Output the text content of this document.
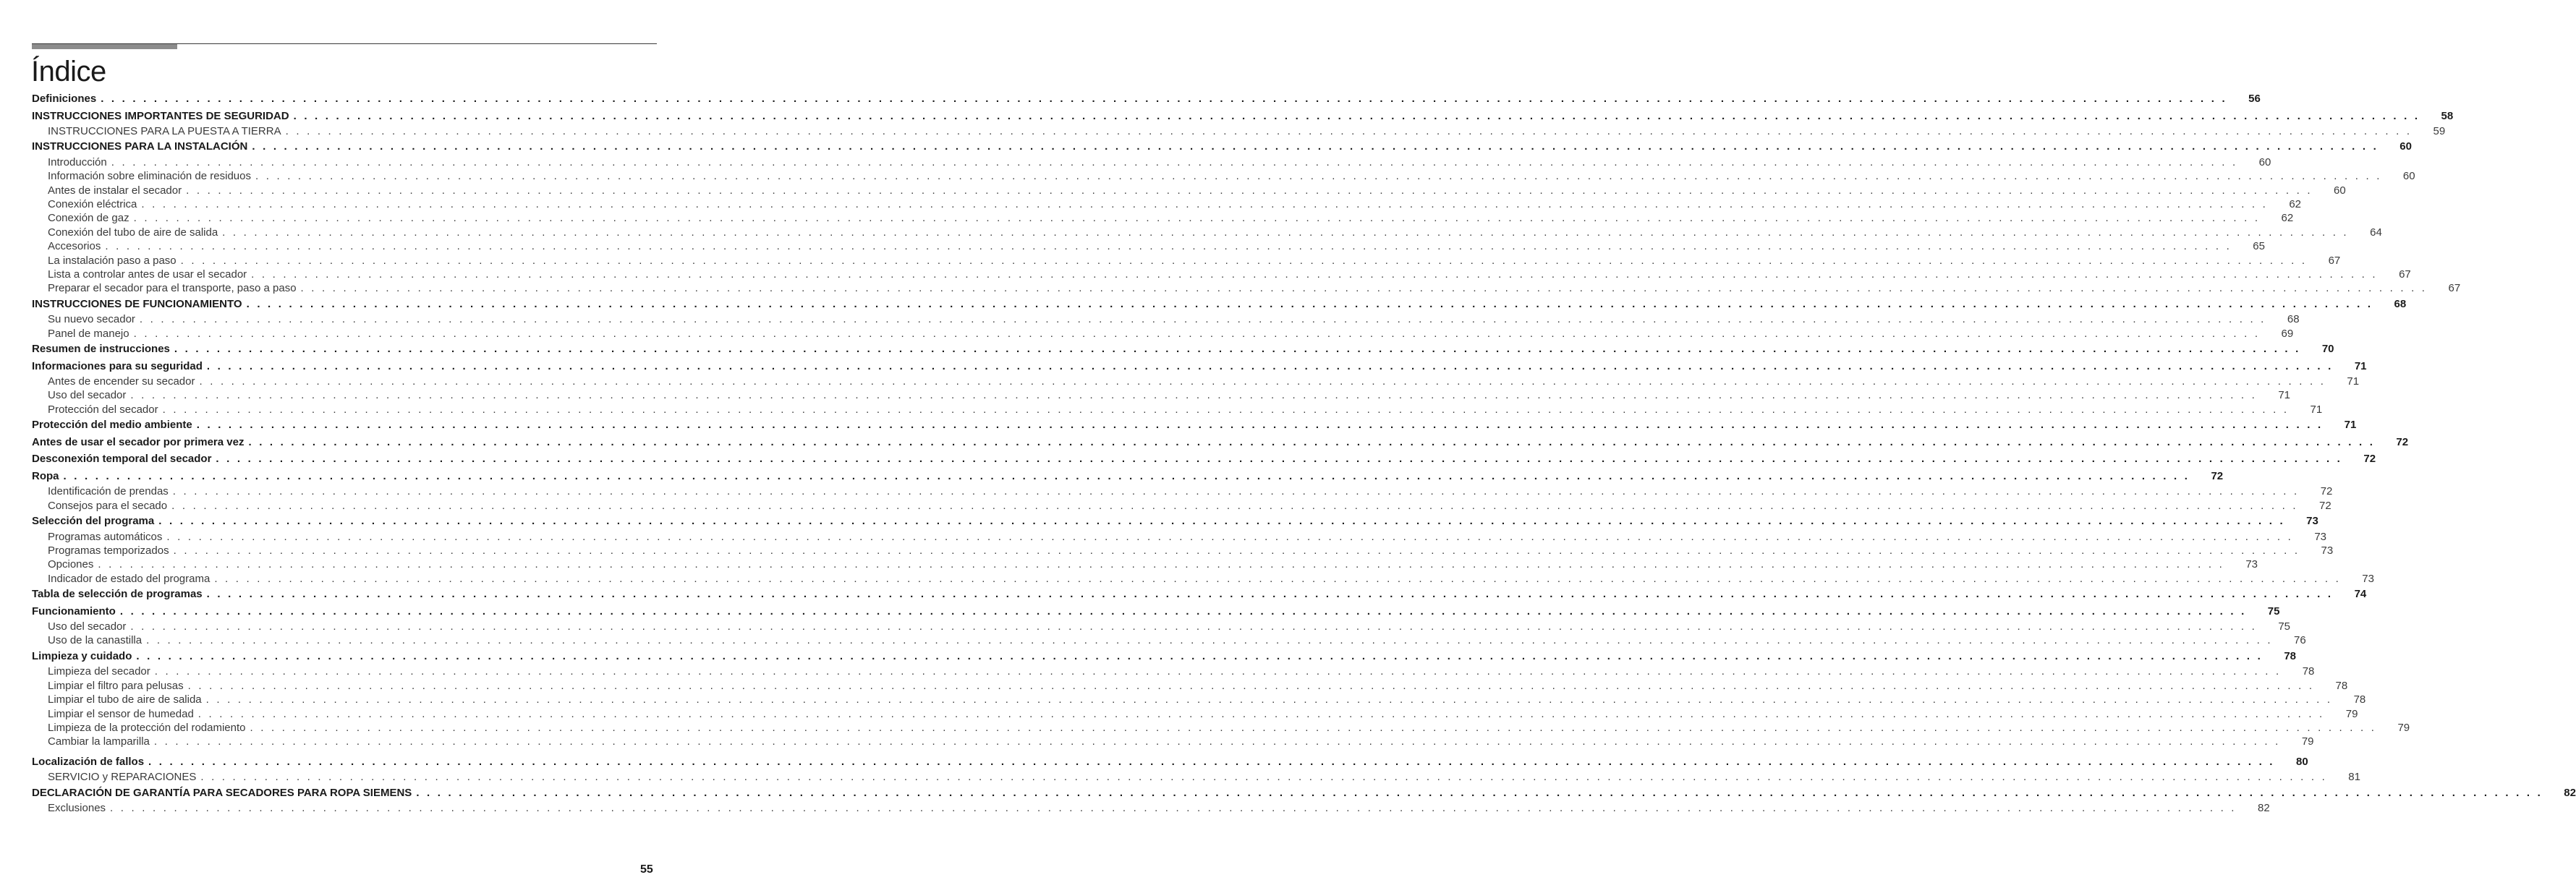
Índice
Definiciones . . . . . . . . . . . . . . . . . . . . . . . . . . . . . . . . . . . . . . . . . . . . . . . . . . . . . . . . . . . . . . . . . . . . . . . . . . . . . . . . . . . . . . . . . . . . . . . . . . . . . . . . . . . . . . . . . . . . . . . . . . . . . . . . . . . . . . . . . . . . . . . . . . . . . . . . . . . . . . . . . . . . . . . . . . . . . . . . . . . . . . . . . . . . . . . . . . . . . . . . 56
INSTRUCCIONES IMPORTANTES DE SEGURIDAD . . . . . . . . . . . . . . . . . . . . . . . . . . . . . . . . . . . . . . . . . . . . . . . . . . . . . . . . . . . . . . . . . . . . . . . . . . . . . . . . . . . . . . . . . . . . . . . . . . . . . . . . . . . . . . . . . . . . . . . . . . . . . . . . . . . . . . . . . . . . . . . . . . . . . . . . . . . . . . . . . . . . . . . . . . . . . . . . . . . . . . . . . . . . . . . . . . . . . . . . 58
INSTRUCCIONES PARA LA PUESTA A TIERRA . . . . . . . . . . . . . . . . . . . . . . . . . . . . . . . . . . . . . . . . . . . . . . . . . . . . . . . . . . . . . . . . . . . . . . . . . . . . . . . . . . . . . . . . . . . . . . . . . . . . . . . . . . . . . . . . . . . . . . . . . . . . . . . . . . . . . . . . . . . . . . . . . . . . . . . . . . . . . . . . . . . . . . . . . . . . . . . . . . . . . . . . . . . . . . . . . . . . . . . . 59
INSTRUCCIONES PARA LA INSTALACIÓN . . . . . . . . . . . . . . . . . . . . . . . . . . . . . . . . . . . . . . . . . . . . . . . . . . . . . . . . . . . . . . . . . . . . . . . . . . . . . . . . . . . . . . . . . . . . . . . . . . . . . . . . . . . . . . . . . . . . . . . . . . . . . . . . . . . . . . . . . . . . . . . . . . . . . . . . . . . . . . . . . . . . . . . . . . . . . . . . . . . . . . . . . . . . . . . . . . . . . . . . 60
Introducción . . . . . . . . . . . . . . . . . . . . . . . . . . . . . . . . . . . . . . . . . . . . . . . . . . . . . . . . . . . . . . . . . . . . . . . . . . . . . . . . . . . . . . . . . . . . . . . . . . . . . . . . . . . . . . . . . . . . . . . . . . . . . . . . . . . . . . . . . . . . . . . . . . . . . . . . . . . . . . . . . . . . . . . . . . . . . . . . . . . . . . . . . . . . . . . . . . . . . . . . 60
Información sobre eliminación de residuos . . . . . . . . . . . . . . . . . . . . . . . . . . . . . . . . . . . . . . . . . . . . . . . . . . . . . . . . . . . . . . . . . . . . . . . . . . . . . . . . . . . . . . . . . . . . . . . . . . . . . . . . . . . . . . . . . . . . . . . . . . . . . . . . . . . . . . . . . . . . . . . . . . . . . . . . . . . . . . . . . . . . . . . . . . . . . . . . . . . . . . . . . . . . . . . . . . . . . . . . 60
Antes de instalar el secador . . . . . . . . . . . . . . . . . . . . . . . . . . . . . . . . . . . . . . . . . . . . . . . . . . . . . . . . . . . . . . . . . . . . . . . . . . . . . . . . . . . . . . . . . . . . . . . . . . . . . . . . . . . . . . . . . . . . . . . . . . . . . . . . . . . . . . . . . . . . . . . . . . . . . . . . . . . . . . . . . . . . . . . . . . . . . . . . . . . . . . . . . . . . . . . . . . . . . . . . 60
Conexión eléctrica . . . . . . . . . . . . . . . . . . . . . . . . . . . . . . . . . . . . . . . . . . . . . . . . . . . . . . . . . . . . . . . . . . . . . . . . . . . . . . . . . . . . . . . . . . . . . . . . . . . . . . . . . . . . . . . . . . . . . . . . . . . . . . . . . . . . . . . . . . . . . . . . . . . . . . . . . . . . . . . . . . . . . . . . . . . . . . . . . . . . . . . . . . . . . . . . . . . . . . . . 62
Conexión de gaz . . . . . . . . . . . . . . . . . . . . . . . . . . . . . . . . . . . . . . . . . . . . . . . . . . . . . . . . . . . . . . . . . . . . . . . . . . . . . . . . . . . . . . . . . . . . . . . . . . . . . . . . . . . . . . . . . . . . . . . . . . . . . . . . . . . . . . . . . . . . . . . . . . . . . . . . . . . . . . . . . . . . . . . . . . . . . . . . . . . . . . . . . . . . . . . . . . . . . . . . 62
Conexión del tubo de aire de salida . . . . . . . . . . . . . . . . . . . . . . . . . . . . . . . . . . . . . . . . . . . . . . . . . . . . . . . . . . . . . . . . . . . . . . . . . . . . . . . . . . . . . . . . . . . . . . . . . . . . . . . . . . . . . . . . . . . . . . . . . . . . . . . . . . . . . . . . . . . . . . . . . . . . . . . . . . . . . . . . . . . . . . . . . . . . . . . . . . . . . . . . . . . . . . . . . . . . . . . . 64
Accesorios . . . . . . . . . . . . . . . . . . . . . . . . . . . . . . . . . . . . . . . . . . . . . . . . . . . . . . . . . . . . . . . . . . . . . . . . . . . . . . . . . . . . . . . . . . . . . . . . . . . . . . . . . . . . . . . . . . . . . . . . . . . . . . . . . . . . . . . . . . . . . . . . . . . . . . . . . . . . . . . . . . . . . . . . . . . . . . . . . . . . . . . . . . . . . . . . . . . . . . . . 65
La instalación paso a paso . . . . . . . . . . . . . . . . . . . . . . . . . . . . . . . . . . . . . . . . . . . . . . . . . . . . . . . . . . . . . . . . . . . . . . . . . . . . . . . . . . . . . . . . . . . . . . . . . . . . . . . . . . . . . . . . . . . . . . . . . . . . . . . . . . . . . . . . . . . . . . . . . . . . . . . . . . . . . . . . . . . . . . . . . . . . . . . . . . . . . . . . . . . . . . . . . . . . . . . . 67
Lista a controlar antes de usar el secador . . . . . . . . . . . . . . . . . . . . . . . . . . . . . . . . . . . . . . . . . . . . . . . . . . . . . . . . . . . . . . . . . . . . . . . . . . . . . . . . . . . . . . . . . . . . . . . . . . . . . . . . . . . . . . . . . . . . . . . . . . . . . . . . . . . . . . . . . . . . . . . . . . . . . . . . . . . . . . . . . . . . . . . . . . . . . . . . . . . . . . . . . . . . . . . . . . . . . . . . 67
Preparar el secador para el transporte, paso a paso . . . . . . . . . . . . . . . . . . . . . . . . . . . . . . . . . . . . . . . . . . . . . . . . . . . . . . . . . . . . . . . . . . . . . . . . . . . . . . . . . . . . . . . . . . . . . . . . . . . . . . . . . . . . . . . . . . . . . . . . . . . . . . . . . . . . . . . . . . . . . . . . . . . . . . . . . . . . . . . . . . . . . . . . . . . . . . . . . . . . . . . . . . . . . . . . . . . . . . . . 67
INSTRUCCIONES DE FUNCIONAMIENTO . . . . . . . . . . . . . . . . . . . . . . . . . . . . . . . . . . . . . . . . . . . . . . . . . . . . . . . . . . . . . . . . . . . . . . . . . . . . . . . . . . . . . . . . . . . . . . . . . . . . . . . . . . . . . . . . . . . . . . . . . . . . . . . . . . . . . . . . . . . . . . . . . . . . . . . . . . . . . . . . . . . . . . . . . . . . . . . . . . . . . . . . . . . . . . . . . . . . . . . . 68
Su nuevo secador . . . . . . . . . . . . . . . . . . . . . . . . . . . . . . . . . . . . . . . . . . . . . . . . . . . . . . . . . . . . . . . . . . . . . . . . . . . . . . . . . . . . . . . . . . . . . . . . . . . . . . . . . . . . . . . . . . . . . . . . . . . . . . . . . . . . . . . . . . . . . . . . . . . . . . . . . . . . . . . . . . . . . . . . . . . . . . . . . . . . . . . . . . . . . . . . . . . . . . . . 68
Panel de manejo . . . . . . . . . . . . . . . . . . . . . . . . . . . . . . . . . . . . . . . . . . . . . . . . . . . . . . . . . . . . . . . . . . . . . . . . . . . . . . . . . . . . . . . . . . . . . . . . . . . . . . . . . . . . . . . . . . . . . . . . . . . . . . . . . . . . . . . . . . . . . . . . . . . . . . . . . . . . . . . . . . . . . . . . . . . . . . . . . . . . . . . . . . . . . . . . . . . . . . . . 69
Resumen de instrucciones . . . . . . . . . . . . . . . . . . . . . . . . . . . . . . . . . . . . . . . . . . . . . . . . . . . . . . . . . . . . . . . . . . . . . . . . . . . . . . . . . . . . . . . . . . . . . . . . . . . . . . . . . . . . . . . . . . . . . . . . . . . . . . . . . . . . . . . . . . . . . . . . . . . . . . . . . . . . . . . . . . . . . . . . . . . . . . . . . . . . . . . . . . . . . . . . . . . . . . . . 70
Informaciones para su seguridad . . . . . . . . . . . . . . . . . . . . . . . . . . . . . . . . . . . . . . . . . . . . . . . . . . . . . . . . . . . . . . . . . . . . . . . . . . . . . . . . . . . . . . . . . . . . . . . . . . . . . . . . . . . . . . . . . . . . . . . . . . . . . . . . . . . . . . . . . . . . . . . . . . . . . . . . . . . . . . . . . . . . . . . . . . . . . . . . . . . . . . . . . . . . . . . . . . . . . . . . 71
Antes de encender su secador . . . . . . . . . . . . . . . . . . . . . . . . . . . . . . . . . . . . . . . . . . . . . . . . . . . . . . . . . . . . . . . . . . . . . . . . . . . . . . . . . . . . . . . . . . . . . . . . . . . . . . . . . . . . . . . . . . . . . . . . . . . . . . . . . . . . . . . . . . . . . . . . . . . . . . . . . . . . . . . . . . . . . . . . . . . . . . . . . . . . . . . . . . . . . . . . . . . . . . . . 71
Uso del secador . . . . . . . . . . . . . . . . . . . . . . . . . . . . . . . . . . . . . . . . . . . . . . . . . . . . . . . . . . . . . . . . . . . . . . . . . . . . . . . . . . . . . . . . . . . . . . . . . . . . . . . . . . . . . . . . . . . . . . . . . . . . . . . . . . . . . . . . . . . . . . . . . . . . . . . . . . . . . . . . . . . . . . . . . . . . . . . . . . . . . . . . . . . . . . . . . . . . . . . . 71
Protección del secador . . . . . . . . . . . . . . . . . . . . . . . . . . . . . . . . . . . . . . . . . . . . . . . . . . . . . . . . . . . . . . . . . . . . . . . . . . . . . . . . . . . . . . . . . . . . . . . . . . . . . . . . . . . . . . . . . . . . . . . . . . . . . . . . . . . . . . . . . . . . . . . . . . . . . . . . . . . . . . . . . . . . . . . . . . . . . . . . . . . . . . . . . . . . . . . . . . . . . . . . 71
Protección del medio ambiente . . . . . . . . . . . . . . . . . . . . . . . . . . . . . . . . . . . . . . . . . . . . . . . . . . . . . . . . . . . . . . . . . . . . . . . . . . . . . . . . . . . . . . . . . . . . . . . . . . . . . . . . . . . . . . . . . . . . . . . . . . . . . . . . . . . . . . . . . . . . . . . . . . . . . . . . . . . . . . . . . . . . . . . . . . . . . . . . . . . . . . . . . . . . . . . . . . . . . . . . 71
Antes de usar el secador por primera vez . . . . . . . . . . . . . . . . . . . . . . . . . . . . . . . . . . . . . . . . . . . . . . . . . . . . . . . . . . . . . . . . . . . . . . . . . . . . . . . . . . . . . . . . . . . . . . . . . . . . . . . . . . . . . . . . . . . . . . . . . . . . . . . . . . . . . . . . . . . . . . . . . . . . . . . . . . . . . . . . . . . . . . . . . . . . . . . . . . . . . . . . . . . . . . . . . . . . . . . . 72
Desconexión temporal del secador . . . . . . . . . . . . . . . . . . . . . . . . . . . . . . . . . . . . . . . . . . . . . . . . . . . . . . . . . . . . . . . . . . . . . . . . . . . . . . . . . . . . . . . . . . . . . . . . . . . . . . . . . . . . . . . . . . . . . . . . . . . . . . . . . . . . . . . . . . . . . . . . . . . . . . . . . . . . . . . . . . . . . . . . . . . . . . . . . . . . . . . . . . . . . . . . . . . . . . . . 72
Ropa . . . . . . . . . . . . . . . . . . . . . . . . . . . . . . . . . . . . . . . . . . . . . . . . . . . . . . . . . . . . . . . . . . . . . . . . . . . . . . . . . . . . . . . . . . . . . . . . . . . . . . . . . . . . . . . . . . . . . . . . . . . . . . . . . . . . . . . . . . . . . . . . . . . . . . . . . . . . . . . . . . . . . . . . . . . . . . . . . . . . . . . . . . . . . . . . . . . . . . . . 72
Identificación de prendas . . . . . . . . . . . . . . . . . . . . . . . . . . . . . . . . . . . . . . . . . . . . . . . . . . . . . . . . . . . . . . . . . . . . . . . . . . . . . . . . . . . . . . . . . . . . . . . . . . . . . . . . . . . . . . . . . . . . . . . . . . . . . . . . . . . . . . . . . . . . . . . . . . . . . . . . . . . . . . . . . . . . . . . . . . . . . . . . . . . . . . . . . . . . . . . . . . . . . . . . 72
Consejos para el secado . . . . . . . . . . . . . . . . . . . . . . . . . . . . . . . . . . . . . . . . . . . . . . . . . . . . . . . . . . . . . . . . . . . . . . . . . . . . . . . . . . . . . . . . . . . . . . . . . . . . . . . . . . . . . . . . . . . . . . . . . . . . . . . . . . . . . . . . . . . . . . . . . . . . . . . . . . . . . . . . . . . . . . . . . . . . . . . . . . . . . . . . . . . . . . . . . . . . . . . . 72
Selección del programa . . . . . . . . . . . . . . . . . . . . . . . . . . . . . . . . . . . . . . . . . . . . . . . . . . . . . . . . . . . . . . . . . . . . . . . . . . . . . . . . . . . . . . . . . . . . . . . . . . . . . . . . . . . . . . . . . . . . . . . . . . . . . . . . . . . . . . . . . . . . . . . . . . . . . . . . . . . . . . . . . . . . . . . . . . . . . . . . . . . . . . . . . . . . . . . . . . . . . . . . 73
Programas automáticos . . . . . . . . . . . . . . . . . . . . . . . . . . . . . . . . . . . . . . . . . . . . . . . . . . . . . . . . . . . . . . . . . . . . . . . . . . . . . . . . . . . . . . . . . . . . . . . . . . . . . . . . . . . . . . . . . . . . . . . . . . . . . . . . . . . . . . . . . . . . . . . . . . . . . . . . . . . . . . . . . . . . . . . . . . . . . . . . . . . . . . . . . . . . . . . . . . . . . . . . 73
Programas temporizados . . . . . . . . . . . . . . . . . . . . . . . . . . . . . . . . . . . . . . . . . . . . . . . . . . . . . . . . . . . . . . . . . . . . . . . . . . . . . . . . . . . . . . . . . . . . . . . . . . . . . . . . . . . . . . . . . . . . . . . . . . . . . . . . . . . . . . . . . . . . . . . . . . . . . . . . . . . . . . . . . . . . . . . . . . . . . . . . . . . . . . . . . . . . . . . . . . . . . . . . 73
Opciones . . . . . . . . . . . . . . . . . . . . . . . . . . . . . . . . . . . . . . . . . . . . . . . . . . . . . . . . . . . . . . . . . . . . . . . . . . . . . . . . . . . . . . . . . . . . . . . . . . . . . . . . . . . . . . . . . . . . . . . . . . . . . . . . . . . . . . . . . . . . . . . . . . . . . . . . . . . . . . . . . . . . . . . . . . . . . . . . . . . . . . . . . . . . . . . . . . . . . . . . 73
Indicador de estado del programa . . . . . . . . . . . . . . . . . . . . . . . . . . . . . . . . . . . . . . . . . . . . . . . . . . . . . . . . . . . . . . . . . . . . . . . . . . . . . . . . . . . . . . . . . . . . . . . . . . . . . . . . . . . . . . . . . . . . . . . . . . . . . . . . . . . . . . . . . . . . . . . . . . . . . . . . . . . . . . . . . . . . . . . . . . . . . . . . . . . . . . . . . . . . . . . . . . . . . . . . 73
Tabla de selección de programas . . . . . . . . . . . . . . . . . . . . . . . . . . . . . . . . . . . . . . . . . . . . . . . . . . . . . . . . . . . . . . . . . . . . . . . . . . . . . . . . . . . . . . . . . . . . . . . . . . . . . . . . . . . . . . . . . . . . . . . . . . . . . . . . . . . . . . . . . . . . . . . . . . . . . . . . . . . . . . . . . . . . . . . . . . . . . . . . . . . . . . . . . . . . . . . . . . . . . . . . 74
Funcionamiento . . . . . . . . . . . . . . . . . . . . . . . . . . . . . . . . . . . . . . . . . . . . . . . . . . . . . . . . . . . . . . . . . . . . . . . . . . . . . . . . . . . . . . . . . . . . . . . . . . . . . . . . . . . . . . . . . . . . . . . . . . . . . . . . . . . . . . . . . . . . . . . . . . . . . . . . . . . . . . . . . . . . . . . . . . . . . . . . . . . . . . . . . . . . . . . . . . . . . . . . 75
Uso del secador . . . . . . . . . . . . . . . . . . . . . . . . . . . . . . . . . . . . . . . . . . . . . . . . . . . . . . . . . . . . . . . . . . . . . . . . . . . . . . . . . . . . . . . . . . . . . . . . . . . . . . . . . . . . . . . . . . . . . . . . . . . . . . . . . . . . . . . . . . . . . . . . . . . . . . . . . . . . . . . . . . . . . . . . . . . . . . . . . . . . . . . . . . . . . . . . . . . . . . . . 75
Uso de la canastilla . . . . . . . . . . . . . . . . . . . . . . . . . . . . . . . . . . . . . . . . . . . . . . . . . . . . . . . . . . . . . . . . . . . . . . . . . . . . . . . . . . . . . . . . . . . . . . . . . . . . . . . . . . . . . . . . . . . . . . . . . . . . . . . . . . . . . . . . . . . . . . . . . . . . . . . . . . . . . . . . . . . . . . . . . . . . . . . . . . . . . . . . . . . . . . . . . . . . . . . . 76
Limpieza y cuidado . . . . . . . . . . . . . . . . . . . . . . . . . . . . . . . . . . . . . . . . . . . . . . . . . . . . . . . . . . . . . . . . . . . . . . . . . . . . . . . . . . . . . . . . . . . . . . . . . . . . . . . . . . . . . . . . . . . . . . . . . . . . . . . . . . . . . . . . . . . . . . . . . . . . . . . . . . . . . . . . . . . . . . . . . . . . . . . . . . . . . . . . . . . . . . . . . . . . . . . . 78
Limpieza del secador . . . . . . . . . . . . . . . . . . . . . . . . . . . . . . . . . . . . . . . . . . . . . . . . . . . . . . . . . . . . . . . . . . . . . . . . . . . . . . . . . . . . . . . . . . . . . . . . . . . . . . . . . . . . . . . . . . . . . . . . . . . . . . . . . . . . . . . . . . . . . . . . . . . . . . . . . . . . . . . . . . . . . . . . . . . . . . . . . . . . . . . . . . . . . . . . . . . . . . . . 78
Limpiar el filtro para pelusas . . . . . . . . . . . . . . . . . . . . . . . . . . . . . . . . . . . . . . . . . . . . . . . . . . . . . . . . . . . . . . . . . . . . . . . . . . . . . . . . . . . . . . . . . . . . . . . . . . . . . . . . . . . . . . . . . . . . . . . . . . . . . . . . . . . . . . . . . . . . . . . . . . . . . . . . . . . . . . . . . . . . . . . . . . . . . . . . . . . . . . . . . . . . . . . . . . . . . . . . 78
Limpiar el tubo de aire de salida . . . . . . . . . . . . . . . . . . . . . . . . . . . . . . . . . . . . . . . . . . . . . . . . . . . . . . . . . . . . . . . . . . . . . . . . . . . . . . . . . . . . . . . . . . . . . . . . . . . . . . . . . . . . . . . . . . . . . . . . . . . . . . . . . . . . . . . . . . . . . . . . . . . . . . . . . . . . . . . . . . . . . . . . . . . . . . . . . . . . . . . . . . . . . . . . . . . . . . . . 78
Limpiar el sensor de humedad . . . . . . . . . . . . . . . . . . . . . . . . . . . . . . . . . . . . . . . . . . . . . . . . . . . . . . . . . . . . . . . . . . . . . . . . . . . . . . . . . . . . . . . . . . . . . . . . . . . . . . . . . . . . . . . . . . . . . . . . . . . . . . . . . . . . . . . . . . . . . . . . . . . . . . . . . . . . . . . . . . . . . . . . . . . . . . . . . . . . . . . . . . . . . . . . . . . . . . . . 79
Limpieza de la protección del rodamiento . . . . . . . . . . . . . . . . . . . . . . . . . . . . . . . . . . . . . . . . . . . . . . . . . . . . . . . . . . . . . . . . . . . . . . . . . . . . . . . . . . . . . . . . . . . . . . . . . . . . . . . . . . . . . . . . . . . . . . . . . . . . . . . . . . . . . . . . . . . . . . . . . . . . . . . . . . . . . . . . . . . . . . . . . . . . . . . . . . . . . . . . . . . . . . . . . . . . . . . . 79
Cambiar la lamparilla . . . . . . . . . . . . . . . . . . . . . . . . . . . . . . . . . . . . . . . . . . . . . . . . . . . . . . . . . . . . . . . . . . . . . . . . . . . . . . . . . . . . . . . . . . . . . . . . . . . . . . . . . . . . . . . . . . . . . . . . . . . . . . . . . . . . . . . . . . . . . . . . . . . . . . . . . . . . . . . . . . . . . . . . . . . . . . . . . . . . . . . . . . . . . . . . . . . . . . . . 79
Localización de fallos . . . . . . . . . . . . . . . . . . . . . . . . . . . . . . . . . . . . . . . . . . . . . . . . . . . . . . . . . . . . . . . . . . . . . . . . . . . . . . . . . . . . . . . . . . . . . . . . . . . . . . . . . . . . . . . . . . . . . . . . . . . . . . . . . . . . . . . . . . . . . . . . . . . . . . . . . . . . . . . . . . . . . . . . . . . . . . . . . . . . . . . . . . . . . . . . . . . . . . . . 80
SERVICIO y REPARACIONES . . . . . . . . . . . . . . . . . . . . . . . . . . . . . . . . . . . . . . . . . . . . . . . . . . . . . . . . . . . . . . . . . . . . . . . . . . . . . . . . . . . . . . . . . . . . . . . . . . . . . . . . . . . . . . . . . . . . . . . . . . . . . . . . . . . . . . . . . . . . . . . . . . . . . . . . . . . . . . . . . . . . . . . . . . . . . . . . . . . . . . . . . . . . . . . . . . . . . . . . 81
DECLARACIÓN DE GARANTÍA PARA SECADORES PARA ROPA SIEMENS . . . . . . . . . . . . . . . . . . . . . . . . . . . . . . . . . . . . . . . . . . . . . . . . . . . . . . . . . . . . . . . . . . . . . . . . . . . . . . . . . . . . . . . . . . . . . . . . . . . . . . . . . . . . . . . . . . . . . . . . . . . . . . . . . . . . . . . . . . . . . . . . . . . . . . . . . . . . . . . . . . . . . . . . . . . . . . . . . . . . . . . . . . . . . . . . . . . . . . . . 82
Exclusiones . . . . . . . . . . . . . . . . . . . . . . . . . . . . . . . . . . . . . . . . . . . . . . . . . . . . . . . . . . . . . . . . . . . . . . . . . . . . . . . . . . . . . . . . . . . . . . . . . . . . . . . . . . . . . . . . . . . . . . . . . . . . . . . . . . . . . . . . . . . . . . . . . . . . . . . . . . . . . . . . . . . . . . . . . . . . . . . . . . . . . . . . . . . . . . . . . . . . . . . . 82
55
